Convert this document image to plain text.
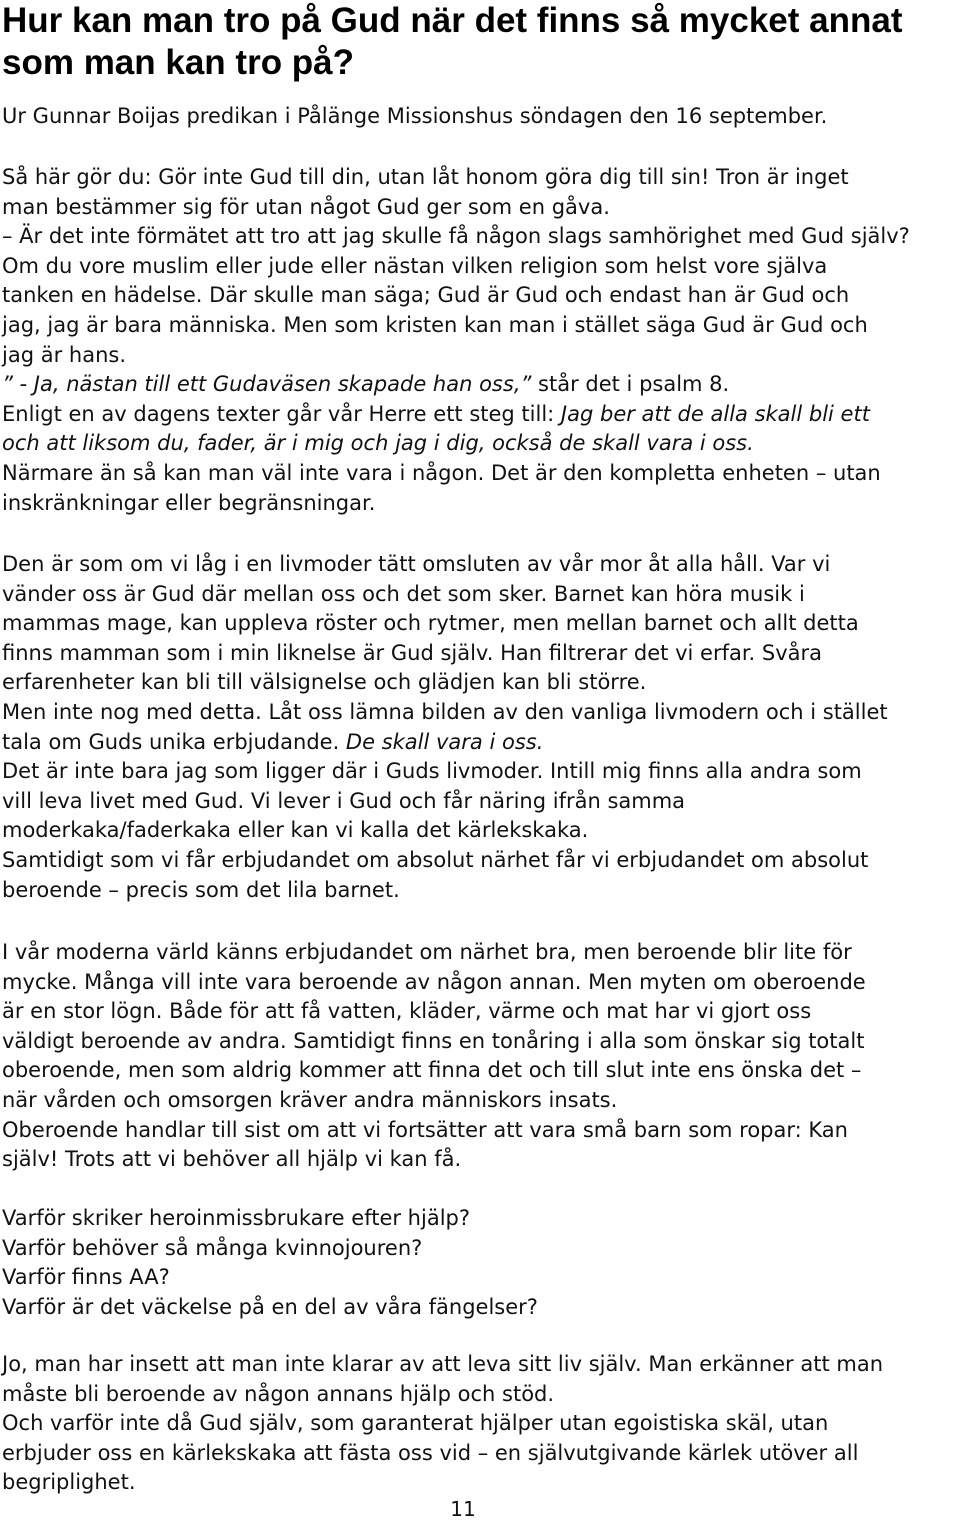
Hur kan man tro på Gud när det finns så mycket annat som man kan tro på?
Ur Gunnar Boijas predikan i Pålänge Missionshus söndagen den 16 september.
Så här gör du: Gör inte Gud till din, utan låt honom göra dig till sin! Tron är inget
man bestämmer sig för utan något Gud ger som en gåva.
– Är det inte förmätet att tro att jag skulle få någon slags samhörighet med Gud själv?
Om du vore muslim eller jude eller nästan vilken religion som helst vore själva
tanken en hädelse. Där skulle man säga; Gud är Gud och endast han är Gud och
jag, jag är bara människa. Men som kristen kan man i stället säga Gud är Gud och
jag är hans.
” - Ja, nästan till ett Gudaväsen skapade han oss,” står det i psalm 8.
Enligt en av dagens texter går vår Herre ett steg till: Jag ber att de alla skall bli ett
och att liksom du, fader, är i mig och jag i dig, också de skall vara i oss.
Närmare än så kan man väl inte vara i någon. Det är den kompletta enheten – utan
inskränkningar eller begränsningar.
Den är som om vi låg i en livmoder tätt omsluten av vår mor åt alla håll. Var vi
vänder oss är Gud där mellan oss och det som sker. Barnet kan höra musik i
mammas mage, kan uppleva röster och rytmer, men mellan barnet och allt detta
finns mamman som i min liknelse är Gud själv. Han filtrerar det vi erfar. Svåra
erfarenheter kan bli till välsignelse och glädjen kan bli större.
Men inte nog med detta. Låt oss lämna bilden av den vanliga livmodern och i stället
tala om Guds unika erbjudande. De skall vara i oss.
Det är inte bara jag som ligger där i Guds livmoder. Intill mig finns alla andra som
vill leva livet med Gud. Vi lever i Gud och får näring ifrån samma
moderkaka/faderkaka eller kan vi kalla det kärlekskaka.
Samtidigt som vi får erbjudandet om absolut närhet får vi erbjudandet om absolut
beroende – precis som det lila barnet.
I vår moderna värld känns erbjudandet om närhet bra, men beroende blir lite för
mycke. Många vill inte vara beroende av någon annan. Men myten om oberoende
är en stor lögn. Både för att få vatten, kläder, värme och mat har vi gjort oss
väldigt beroende av andra. Samtidigt finns en tonåring i alla som önskar sig totalt
oberoende, men som aldrig kommer att finna det och till slut inte ens önska det –
när vården och omsorgen kräver andra människors insats.
Oberoende handlar till sist om att vi fortsätter att vara små barn som ropar: Kan
själv! Trots att vi behöver all hjälp vi kan få.
Varför skriker heroinmissbrukare efter hjälp?
Varför behöver så många kvinnojouren?
Varför finns AA?
Varför är det väckelse på en del av våra fängelser?
Jo, man har insett att man inte klarar av att leva sitt liv själv. Man erkänner att man
måste bli beroende av någon annans hjälp och stöd.
Och varför inte då Gud själv, som garanterat hjälper utan egoistiska skäl, utan
erbjuder oss en kärlekskaka att fästa oss vid – en självutgivande kärlek utöver all
begriplighet.
11
